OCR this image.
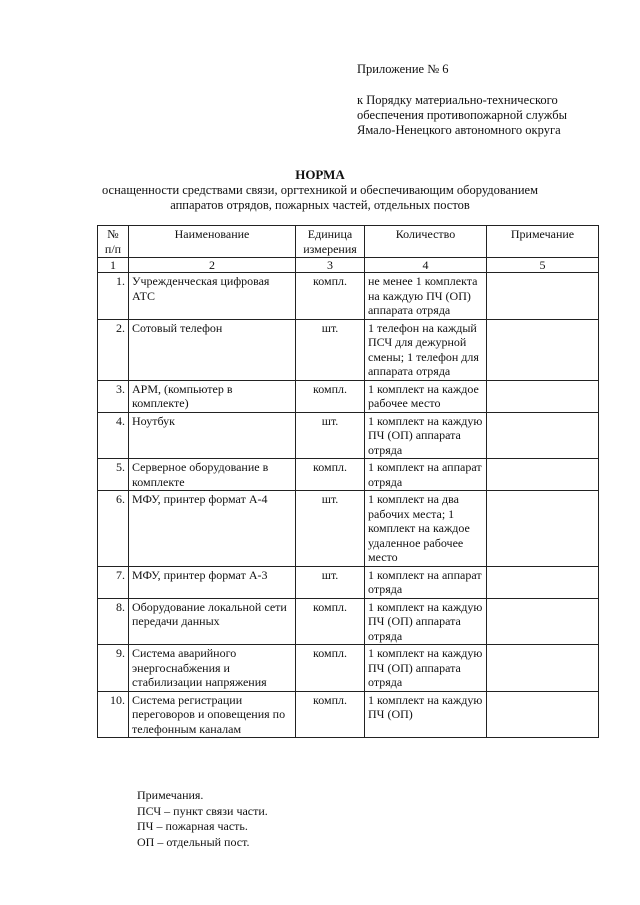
Приложение № 6
к Порядку материально-технического
обеспечения противопожарной службы
Ямало-Ненецкого автономного округа
НОРМА
оснащенности средствами связи, оргтехникой и обеспечивающим оборудованием
аппаратов отрядов, пожарных частей, отдельных постов
№ п/п	Наименование	Единица измерения	Количество	Примечание
1	2	3	4	5
1.	Учрежденческая цифровая АТС	компл.	не менее 1 комплекта на каждую ПЧ (ОП) аппарата отряда	
2.	Сотовый телефон	шт.	1 телефон на каждый ПСЧ для дежурной смены; 1 телефон для аппарата отряда	
3.	АРМ, (компьютер в комплекте)	компл.	1 комплект на каждое рабочее место	
4.	Ноутбук	шт.	1 комплект на каждую ПЧ (ОП) аппарата отряда	
5.	Серверное оборудование в комплекте	компл.	1 комплект на аппарат отряда	
6.	МФУ, принтер формат А-4	шт.	1 комплект на два рабочих места; 1 комплект на каждое удаленное рабочее место	
7.	МФУ, принтер формат А-3	шт.	1 комплект на аппарат отряда	
8.	Оборудование локальной сети передачи данных	компл.	1 комплект на каждую ПЧ (ОП) аппарата отряда	
9.	Система аварийного энергоснабжения и стабилизации напряжения	компл.	1 комплект на каждую ПЧ (ОП) аппарата отряда	
10.	Система регистрации переговоров и оповещения по телефонным каналам	компл.	1 комплект на каждую ПЧ (ОП)	
Примечания.
ПСЧ – пункт связи части.
ПЧ – пожарная часть.
ОП – отдельный пост.
